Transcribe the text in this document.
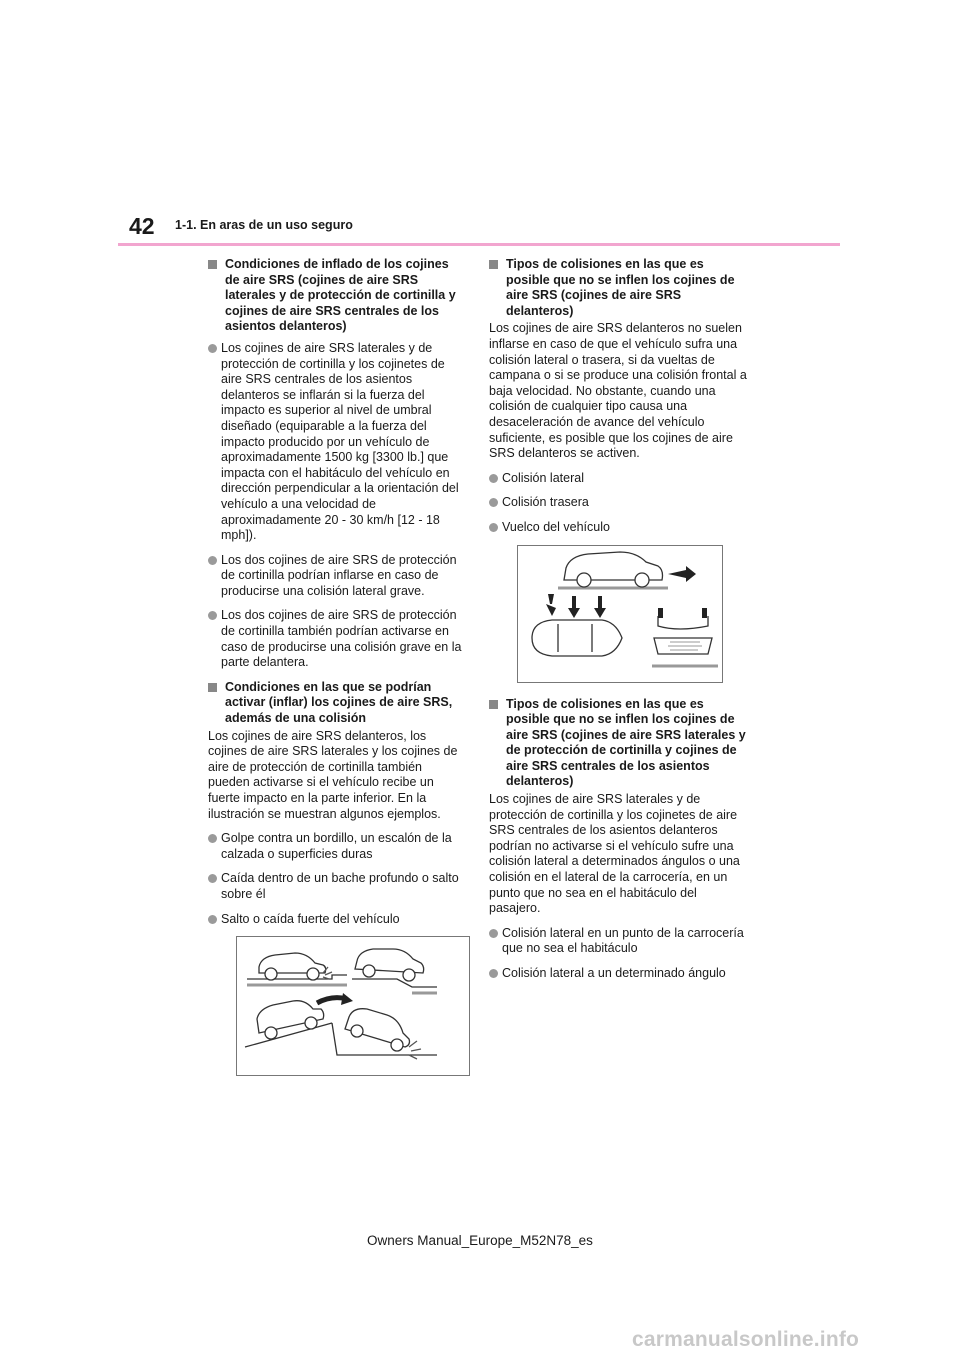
42 1-1. En aras de un uso seguro
Condiciones de inflado de los cojines de aire SRS (cojines de aire SRS laterales y de protección de cortinilla y cojines de aire SRS centrales de los asientos delanteros)
Los cojines de aire SRS laterales y de protección de cortinilla y los cojinetes de aire SRS centrales de los asientos delanteros se inflarán si la fuerza del impacto es superior al nivel de umbral diseñado (equiparable a la fuerza del impacto producido por un vehículo de aproximadamente 1500 kg [3300 lb.] que impacta con el habitáculo del vehículo en dirección perpendicular a la orientación del vehículo a una velocidad de aproximadamente 20 - 30 km/h [12 - 18 mph]).
Los dos cojines de aire SRS de protección de cortinilla podrían inflarse en caso de producirse una colisión lateral grave.
Los dos cojines de aire SRS de protección de cortinilla también podrían activarse en caso de producirse una colisión grave en la parte delantera.
Condiciones en las que se podrían activar (inflar) los cojines de aire SRS, además de una colisión
Los cojines de aire SRS delanteros, los cojines de aire SRS laterales y los cojines de aire de protección de cortinilla también pueden activarse si el vehículo recibe un fuerte impacto en la parte inferior. En la ilustración se muestran algunos ejemplos.
Golpe contra un bordillo, un escalón de la calzada o superficies duras
Caída dentro de un bache profundo o salto sobre él
Salto o caída fuerte del vehículo
Tipos de colisiones en las que es posible que no se inflen los cojines de aire SRS (cojines de aire SRS delanteros)
Los cojines de aire SRS delanteros no suelen inflarse en caso de que el vehículo sufra una colisión lateral o trasera, si da vueltas de campana o si se produce una colisión frontal a baja velocidad. No obstante, cuando una colisión de cualquier tipo causa una desaceleración de avance del vehículo suficiente, es posible que los cojines de aire SRS delanteros se activen.
Colisión lateral
Colisión trasera
Vuelco del vehículo
Tipos de colisiones en las que es posible que no se inflen los cojines de aire SRS (cojines de aire SRS laterales y de protección de cortinilla y cojines de aire SRS centrales de los asientos delanteros)
Los cojines de aire SRS laterales y de protección de cortinilla y los cojinetes de aire SRS centrales de los asientos delanteros podrían no activarse si el vehículo sufre una colisión lateral a determinados ángulos o una colisión en el lateral de la carrocería, en un punto que no sea en el habitáculo del pasajero.
Colisión lateral en un punto de la carrocería que no sea el habitáculo
Colisión lateral a un determinado ángulo
Owners Manual_Europe_M52N78_es
carmanualsonline.info
